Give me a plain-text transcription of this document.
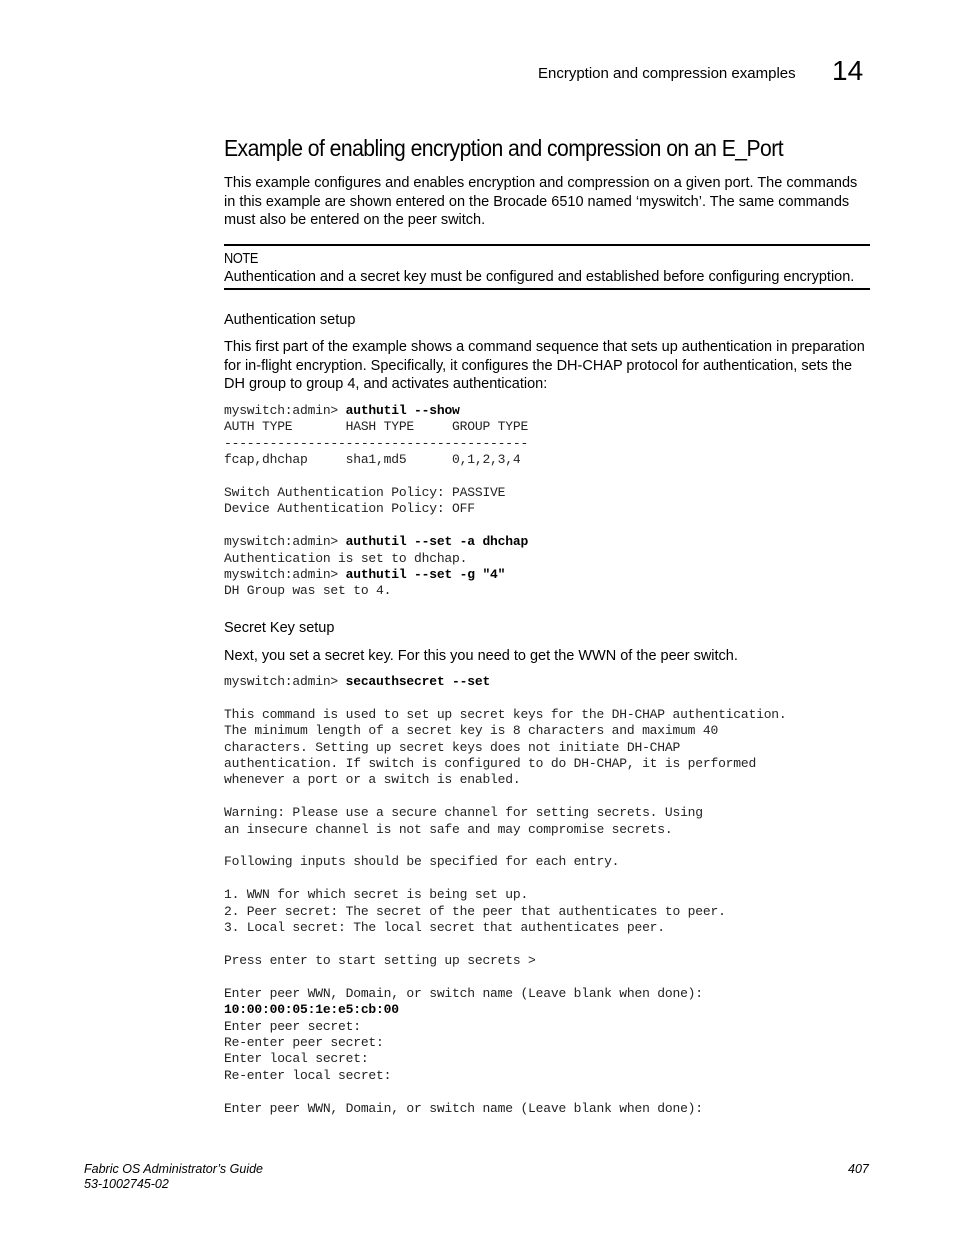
Encryption and compression examples 14
Example of enabling encryption and compression on an E_Port

This example configures and enables encryption and compression on a given port. The commands in this example are shown entered on the Brocade 6510 named ‘myswitch’. The same commands must also be entered on the peer switch.

NOTE
Authentication and a secret key must be configured and established before configuring encryption.
Authentication setup

This first part of the example shows a command sequence that sets up authentication in preparation for in-flight encryption. Specifically, it configures the DH-CHAP protocol for authentication, sets the DH group to group 4, and activates authentication:

myswitch:admin> authutil --show
AUTH TYPE       HASH TYPE     GROUP TYPE
----------------------------------------
fcap,dhchap     sha1,md5      0,1,2,3,4

Switch Authentication Policy: PASSIVE
Device Authentication Policy: OFF

myswitch:admin> authutil --set -a dhchap
Authentication is set to dhchap.
myswitch:admin> authutil --set -g "4"
DH Group was set to 4.
Secret Key setup

Next, you set a secret key. For this you need to get the WWN of the peer switch.

myswitch:admin> secauthsecret --set

This command is used to set up secret keys for the DH-CHAP authentication.
The minimum length of a secret key is 8 characters and maximum 40
characters. Setting up secret keys does not initiate DH-CHAP
authentication. If switch is configured to do DH-CHAP, it is performed
whenever a port or a switch is enabled.

Warning: Please use a secure channel for setting secrets. Using
an insecure channel is not safe and may compromise secrets.

Following inputs should be specified for each entry.

1. WWN for which secret is being set up.
2. Peer secret: The secret of the peer that authenticates to peer.
3. Local secret: The local secret that authenticates peer.

Press enter to start setting up secrets >

Enter peer WWN, Domain, or switch name (Leave blank when done):
10:00:00:05:1e:e5:cb:00
Enter peer secret:
Re-enter peer secret:
Enter local secret:
Re-enter local secret:

Enter peer WWN, Domain, or switch name (Leave blank when done):
Fabric OS Administrator’s Guide
53-1002745-02
407
